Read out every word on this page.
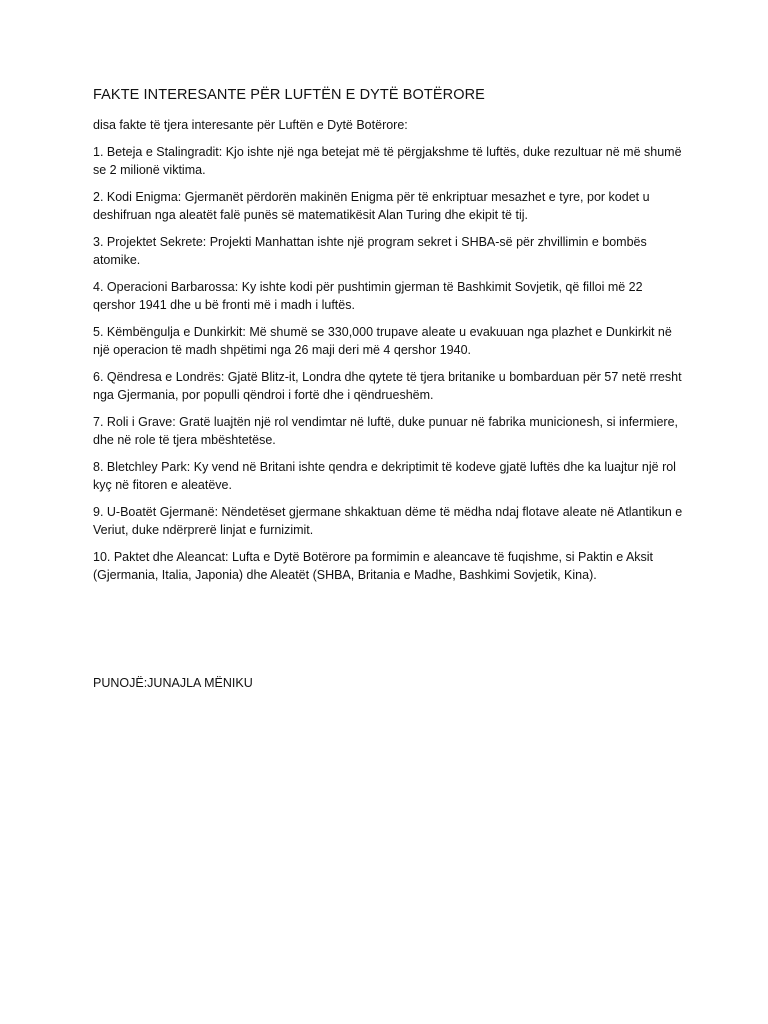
FAKTE INTERESANTE PËR LUFTËN E DYTË BOTËRORE

disa fakte të tjera interesante për Luftën e Dytë Botërore:

1. Beteja e Stalingradit: Kjo ishte një nga betejat më të përgjakshme të luftës, duke rezultuar në më shumë se 2 milionë viktima.

2. Kodi Enigma: Gjermanët përdorën makinën Enigma për të enkriptuar mesazhet e tyre, por kodet u deshifruan nga aleatët falë punës së matematikësit Alan Turing dhe ekipit të tij.

3. Projektet Sekrete: Projekti Manhattan ishte një program sekret i SHBA-së për zhvillimin e bombës atomike.

4. Operacioni Barbarossa: Ky ishte kodi për pushtimin gjerman të Bashkimit Sovjetik, që filloi më 22 qershor 1941 dhe u bë fronti më i madh i luftës.

5. Këmbëngulja e Dunkirkit: Më shumë se 330,000 trupave aleate u evakuuan nga plazhet e Dunkirkit në një operacion të madh shpëtimi nga 26 maji deri më 4 qershor 1940.

6. Qëndresa e Londrës: Gjatë Blitz-it, Londra dhe qytete të tjera britanike u bombarduan për 57 netë rresht nga Gjermania, por populli qëndroi i fortë dhe i qëndrueshëm.

7. Roli i Grave: Gratë luajtën një rol vendimtar në luftë, duke punuar në fabrika municionesh, si infermiere, dhe në role të tjera mbështetëse.

8. Bletchley Park: Ky vend në Britani ishte qendra e dekriptimit të kodeve gjatë luftës dhe ka luajtur një rol kyç në fitoren e aleatëve.

9. U-Boatët Gjermanë: Nëndetëset gjermane shkaktuan dëme të mëdha ndaj flotave aleate në Atlantikun e Veriut, duke ndërprerë linjat e furnizimit.

10. Paktet dhe Aleancat: Lufta e Dytë Botërore pa formimin e aleancave të fuqishme, si Paktin e Aksit (Gjermania, Italia, Japonia) dhe Aleatët (SHBA, Britania e Madhe, Bashkimi Sovjetik, Kina).

PUNOJË:JUNAJLA MËNIKU
